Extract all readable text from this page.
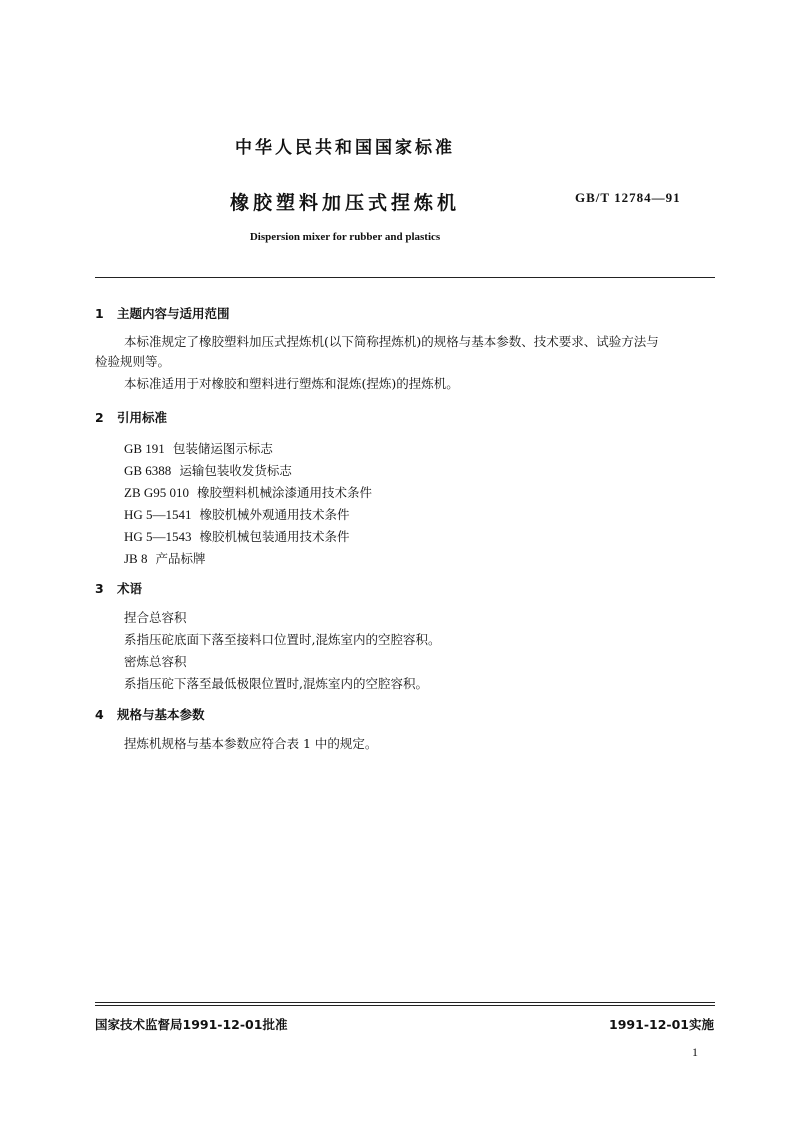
中华人民共和国国家标准
橡胶塑料加压式捏炼机	GB/T 12784—91
Dispersion mixer for rubber and plastics
1 主题内容与适用范围
本标准规定了橡胶塑料加压式捏炼机(以下简称捏炼机)的规格与基本参数、技术要求、试验方法与
检验规则等。
本标准适用于对橡胶和塑料进行塑炼和混炼(捏炼)的捏炼机。
2 引用标准
GB 191 包装储运图示标志
GB 6388 运输包装收发货标志
ZB G95 010 橡胶塑料机械涂漆通用技术条件
HG 5—1541 橡胶机械外观通用技术条件
HG 5—1543 橡胶机械包装通用技术条件
JB 8 产品标牌
3 术语
捏合总容积
系指压砣底面下落至接料口位置时,混炼室内的空腔容积。
密炼总容积
系指压砣下落至最低极限位置时,混炼室内的空腔容积。
4 规格与基本参数
捏炼机规格与基本参数应符合表 1 中的规定。
国家技术监督局1991-12-01批准	1991-12-01实施
1
